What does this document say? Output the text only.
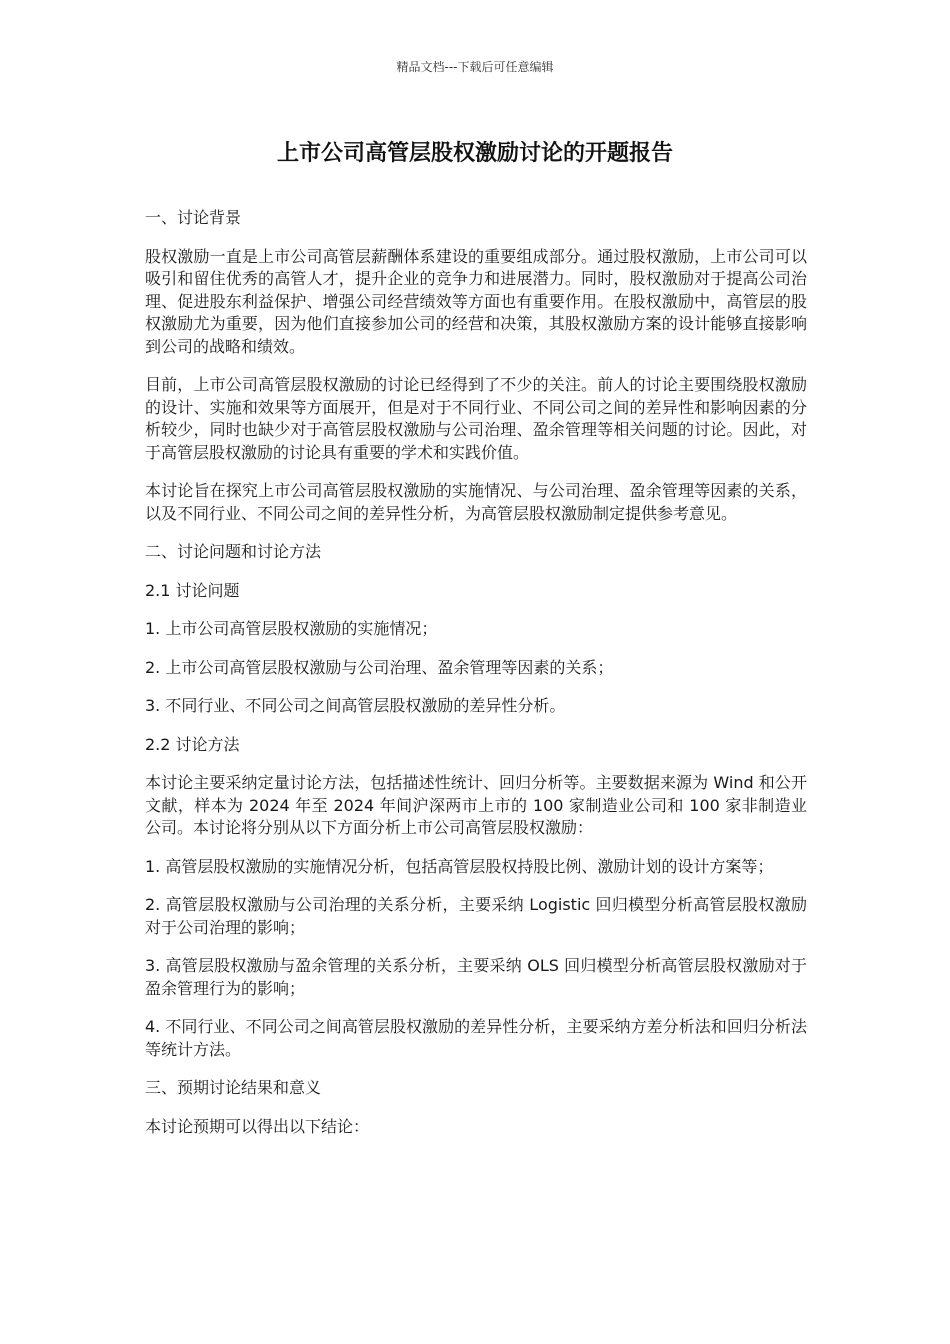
精品文档---下载后可任意编辑
上市公司高管层股权激励讨论的开题报告

一、讨论背景

股权激励一直是上市公司高管层薪酬体系建设的重要组成部分。通过股权激励，上市公司可以吸引和留住优秀的高管人才，提升企业的竞争力和进展潜力。同时，股权激励对于提高公司治理、促进股东利益保护、增强公司经营绩效等方面也有重要作用。在股权激励中，高管层的股权激励尤为重要，因为他们直接参加公司的经营和决策，其股权激励方案的设计能够直接影响到公司的战略和绩效。

目前，上市公司高管层股权激励的讨论已经得到了不少的关注。前人的讨论主要围绕股权激励的设计、实施和效果等方面展开，但是对于不同行业、不同公司之间的差异性和影响因素的分析较少，同时也缺少对于高管层股权激励与公司治理、盈余管理等相关问题的讨论。因此，对于高管层股权激励的讨论具有重要的学术和实践价值。

本讨论旨在探究上市公司高管层股权激励的实施情况、与公司治理、盈余管理等因素的关系，以及不同行业、不同公司之间的差异性分析，为高管层股权激励制定提供参考意见。

二、讨论问题和讨论方法

2.1 讨论问题

1. 上市公司高管层股权激励的实施情况；

2. 上市公司高管层股权激励与公司治理、盈余管理等因素的关系；

3. 不同行业、不同公司之间高管层股权激励的差异性分析。

2.2 讨论方法

本讨论主要采纳定量讨论方法，包括描述性统计、回归分析等。主要数据来源为 Wind 和公开文献，样本为 2024 年至 2024 年间沪深两市上市的 100 家制造业公司和 100 家非制造业公司。本讨论将分别从以下方面分析上市公司高管层股权激励：

1. 高管层股权激励的实施情况分析，包括高管层股权持股比例、激励计划的设计方案等；

2. 高管层股权激励与公司治理的关系分析，主要采纳 Logistic 回归模型分析高管层股权激励对于公司治理的影响；

3. 高管层股权激励与盈余管理的关系分析，主要采纳 OLS 回归模型分析高管层股权激励对于盈余管理行为的影响；

4. 不同行业、不同公司之间高管层股权激励的差异性分析，主要采纳方差分析法和回归分析法等统计方法。

三、预期讨论结果和意义

本讨论预期可以得出以下结论：
